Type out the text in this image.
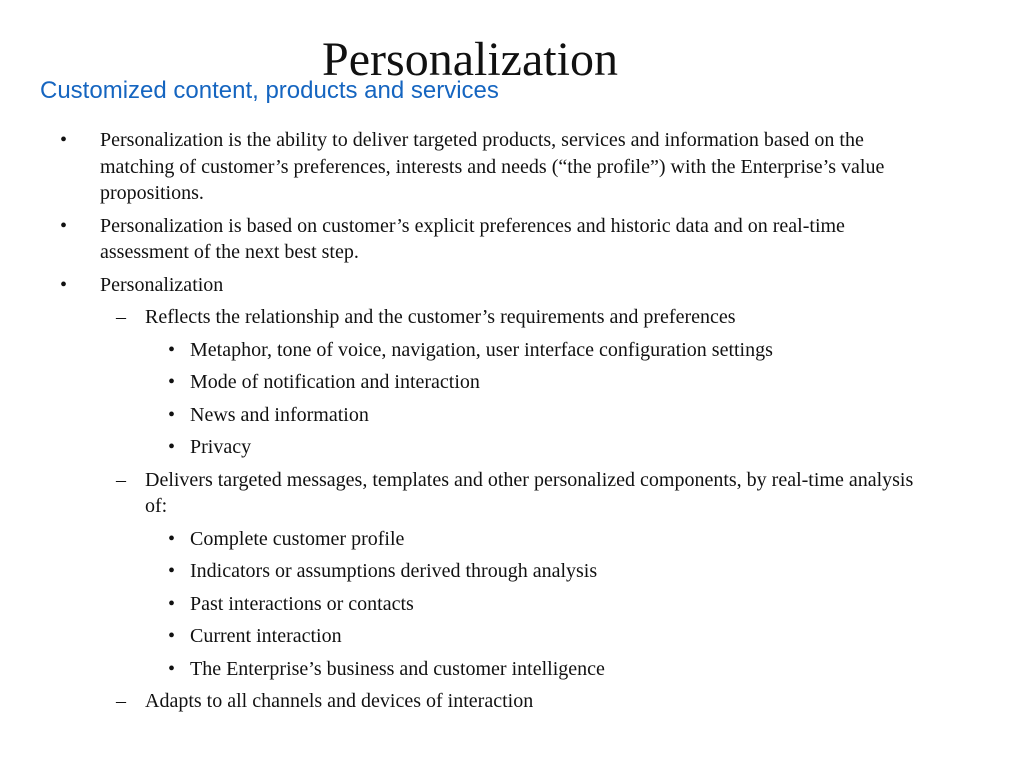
Personalization
Customized content, products and services
• Personalization is the ability to deliver targeted products, services and information based on the matching of customer’s preferences, interests and needs (“the profile”) with the Enterprise’s value propositions.
• Personalization is based on customer’s explicit preferences and historic data and on real-time assessment of the next best step.
• Personalization
– Reflects the relationship and the customer’s requirements and preferences
• Metaphor, tone of voice, navigation, user interface configuration settings
• Mode of notification and interaction
• News and information
• Privacy
– Delivers targeted messages, templates and other personalized components, by real-time analysis of:
• Complete customer profile
• Indicators or assumptions derived through analysis
• Past interactions or contacts
• Current interaction
• The Enterprise’s business and customer intelligence
– Adapts to all channels and devices of interaction
